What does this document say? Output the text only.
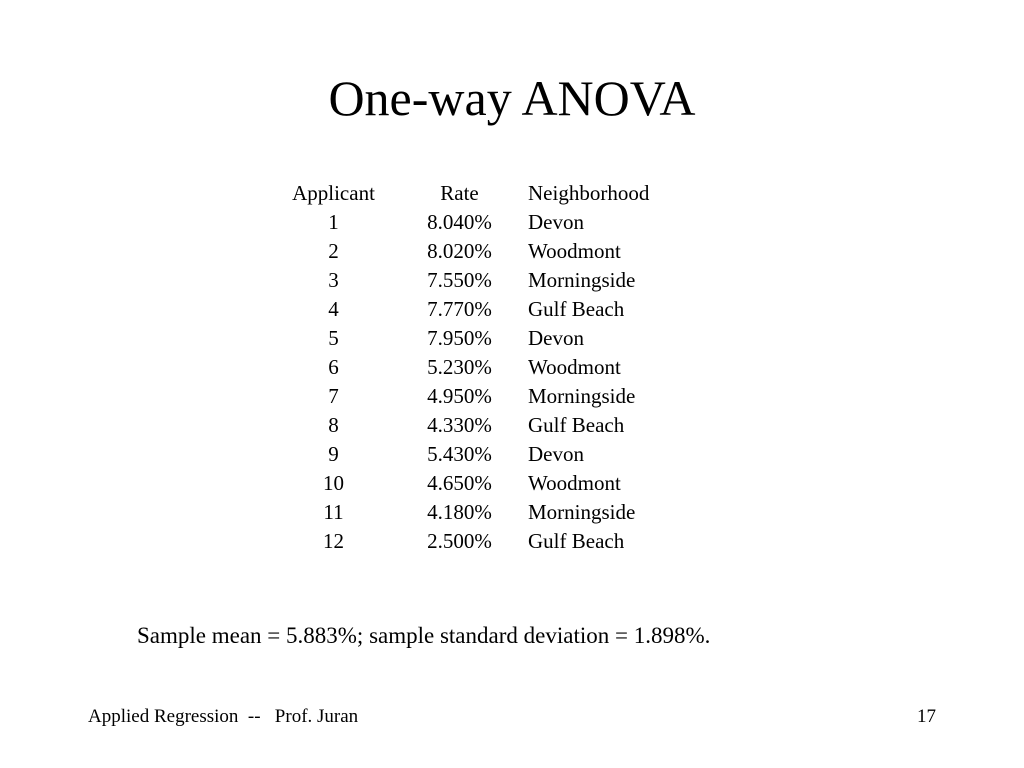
One-way ANOVA
Applicant	Rate	Neighborhood
1	8.040%	Devon
2	8.020%	Woodmont
3	7.550%	Morningside
4	7.770%	Gulf Beach
5	7.950%	Devon
6	5.230%	Woodmont
7	4.950%	Morningside
8	4.330%	Gulf Beach
9	5.430%	Devon
10	4.650%	Woodmont
11	4.180%	Morningside
12	2.500%	Gulf Beach
Sample mean = 5.883%; sample standard deviation = 1.898%.
Applied Regression  --   Prof. Juran	17
